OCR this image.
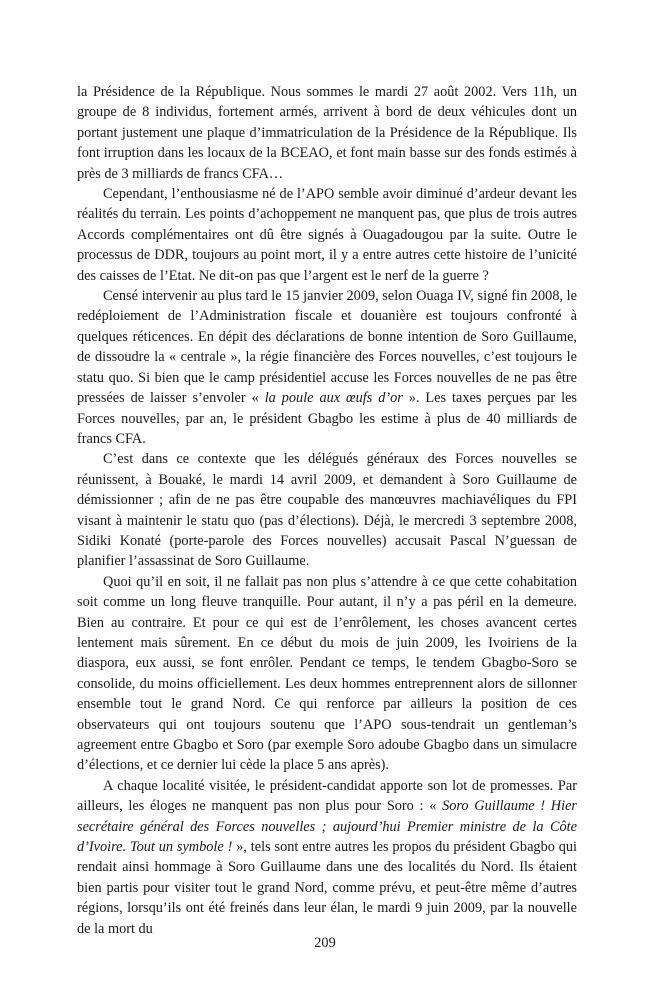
la Présidence de la République. Nous sommes le mardi 27 août 2002. Vers 11h, un groupe de 8 individus, fortement armés, arrivent à bord de deux véhicules dont un portant justement une plaque d’immatriculation de la Présidence de la République. Ils font irruption dans les locaux de la BCEAO, et font main basse sur des fonds estimés à près de 3 milliards de francs CFA…

Cependant, l’enthousiasme né de l’APO semble avoir diminué d’ardeur devant les réalités du terrain. Les points d’achoppement ne manquent pas, que plus de trois autres Accords complémentaires ont dû être signés à Ouagadougou par la suite. Outre le processus de DDR, toujours au point mort, il y a entre autres cette histoire de l’unicité des caisses de l’Etat. Ne dit-on pas que l’argent est le nerf de la guerre ?

Censé intervenir au plus tard le 15 janvier 2009, selon Ouaga IV, signé fin 2008, le redéploiement de l’Administration fiscale et douanière est toujours confronté à quelques réticences. En dépit des déclarations de bonne intention de Soro Guillaume, de dissoudre la « centrale », la régie financière des Forces nouvelles, c’est toujours le statu quo. Si bien que le camp présidentiel accuse les Forces nouvelles de ne pas être pressées de laisser s’envoler « la poule aux œufs d’or ». Les taxes perçues par les Forces nouvelles, par an, le président Gbagbo les estime à plus de 40 milliards de francs CFA.

C’est dans ce contexte que les délégués généraux des Forces nouvelles se réunissent, à Bouaké, le mardi 14 avril 2009, et demandent à Soro Guillaume de démissionner ; afin de ne pas être coupable des manœuvres machiavéliques du FPI visant à maintenir le statu quo (pas d’élections). Déjà, le mercredi 3 septembre 2008, Sidiki Konaté (porte-parole des Forces nouvelles) accusait Pascal N’guessan de planifier l’assassinat de Soro Guillaume.

Quoi qu’il en soit, il ne fallait pas non plus s’attendre à ce que cette cohabitation soit comme un long fleuve tranquille. Pour autant, il n’y a pas péril en la demeure. Bien au contraire. Et pour ce qui est de l’enrôlement, les choses avancent certes lentement mais sûrement. En ce début du mois de juin 2009, les Ivoiriens de la diaspora, eux aussi, se font enrôler. Pendant ce temps, le tendem Gbagbo-Soro se consolide, du moins officiellement. Les deux hommes entreprennent alors de sillonner ensemble tout le grand Nord. Ce qui renforce par ailleurs la position de ces observateurs qui ont toujours soutenu que l’APO sous-tendrait un gentleman’s agreement entre Gbagbo et Soro (par exemple Soro adoube Gbagbo dans un simulacre d’élections, et ce dernier lui cède la place 5 ans après).

A chaque localité visitée, le président-candidat apporte son lot de promesses. Par ailleurs, les éloges ne manquent pas non plus pour Soro : « Soro Guillaume ! Hier secrétaire général des Forces nouvelles ; aujourd’hui Premier ministre de la Côte d’Ivoire. Tout un symbole ! », tels sont entre autres les propos du président Gbagbo qui rendait ainsi hommage à Soro Guillaume dans une des localités du Nord. Ils étaient bien partis pour visiter tout le grand Nord, comme prévu, et peut-être même d’autres régions, lorsqu’ils ont été freinés dans leur élan, le mardi 9 juin 2009, par la nouvelle de la mort du

209
